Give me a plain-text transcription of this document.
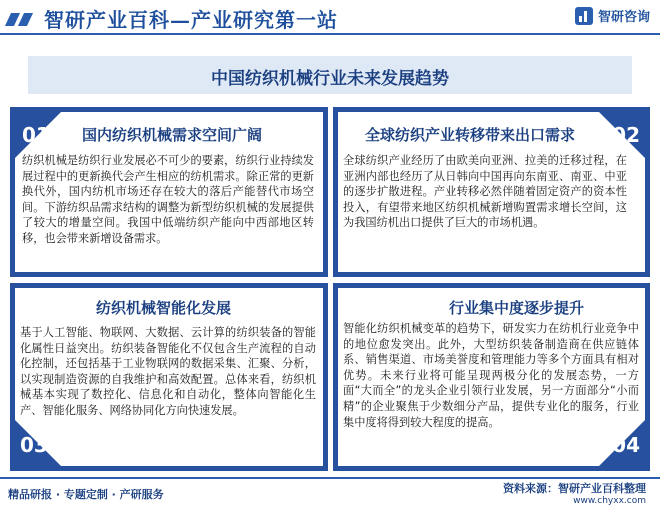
智研产业百科—产业研究第一站	智研咨询
中国纺织机械行业未来发展趋势
01 国内纺织机械需求空间广阔
纺织机械是纺织行业发展必不可少的要素，纺织行业持续发展过程中的更新换代会产生相应的纺机需求。除正常的更新换代外，国内纺机市场还存在较大的落后产能替代市场空间。下游纺织品需求结构的调整为新型纺织机械的发展提供了较大的增量空间。我国中低端纺织产能向中西部地区转移，也会带来新增设备需求。
02
全球纺织产业转移带来出口需求
全球纺织产业经历了由欧美向亚洲、拉美的迁移过程，在亚洲内部也经历了从日韩向中国再向东南亚、南亚、中亚的逐步扩散进程。产业转移必然伴随着固定资产的资本性投入，有望带来地区纺织机械新增购置需求增长空间，这为我国纺机出口提供了巨大的市场机遇。
03
纺织机械智能化发展
基于人工智能、物联网、大数据、云计算的纺织装备的智能化属性日益突出。纺织装备智能化不仅包含生产流程的自动化控制，还包括基于工业物联网的数据采集、汇聚、分析，以实现制造资源的自我维护和高效配置。总体来看，纺织机械基本实现了数控化、信息化和自动化，整体向智能化生产、智能化服务、网络协同化方向快速发展。
04
行业集中度逐步提升
智能化纺织机械变革的趋势下，研发实力在纺机行业竞争中的地位愈发突出。此外，大型纺织装备制造商在供应链体系、销售渠道、市场美誉度和管理能力等多个方面具有相对优势。未来行业将可能呈现两极分化的发展态势，一方面“大而全”的龙头企业引领行业发展，另一方面部分“小而精”的企业聚焦于少数细分产品，提供专业化的服务，行业集中度将得到较大程度的提高。
精品研报 · 专题定制 · 产研服务	资料来源：智研产业百科整理
www.chyxx.com
